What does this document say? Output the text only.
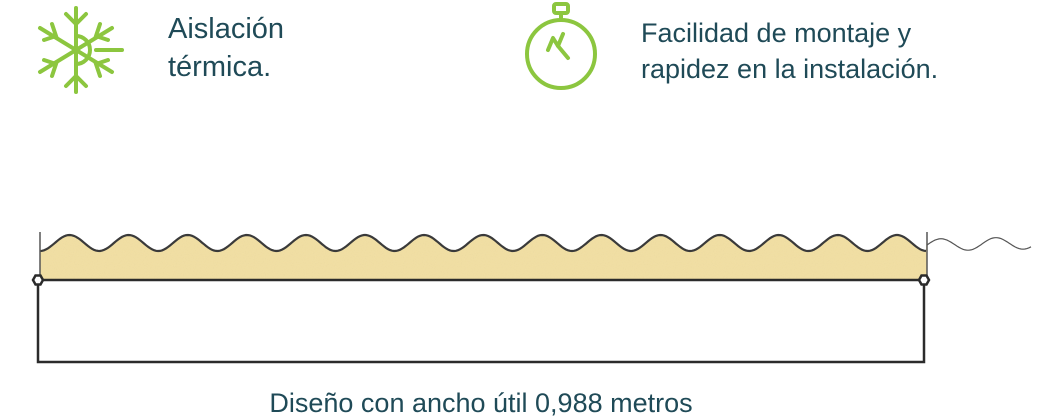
Aislación
térmica.
Facilidad de montaje y
rapidez en la instalación.
Diseño con ancho útil 0,988 metros
